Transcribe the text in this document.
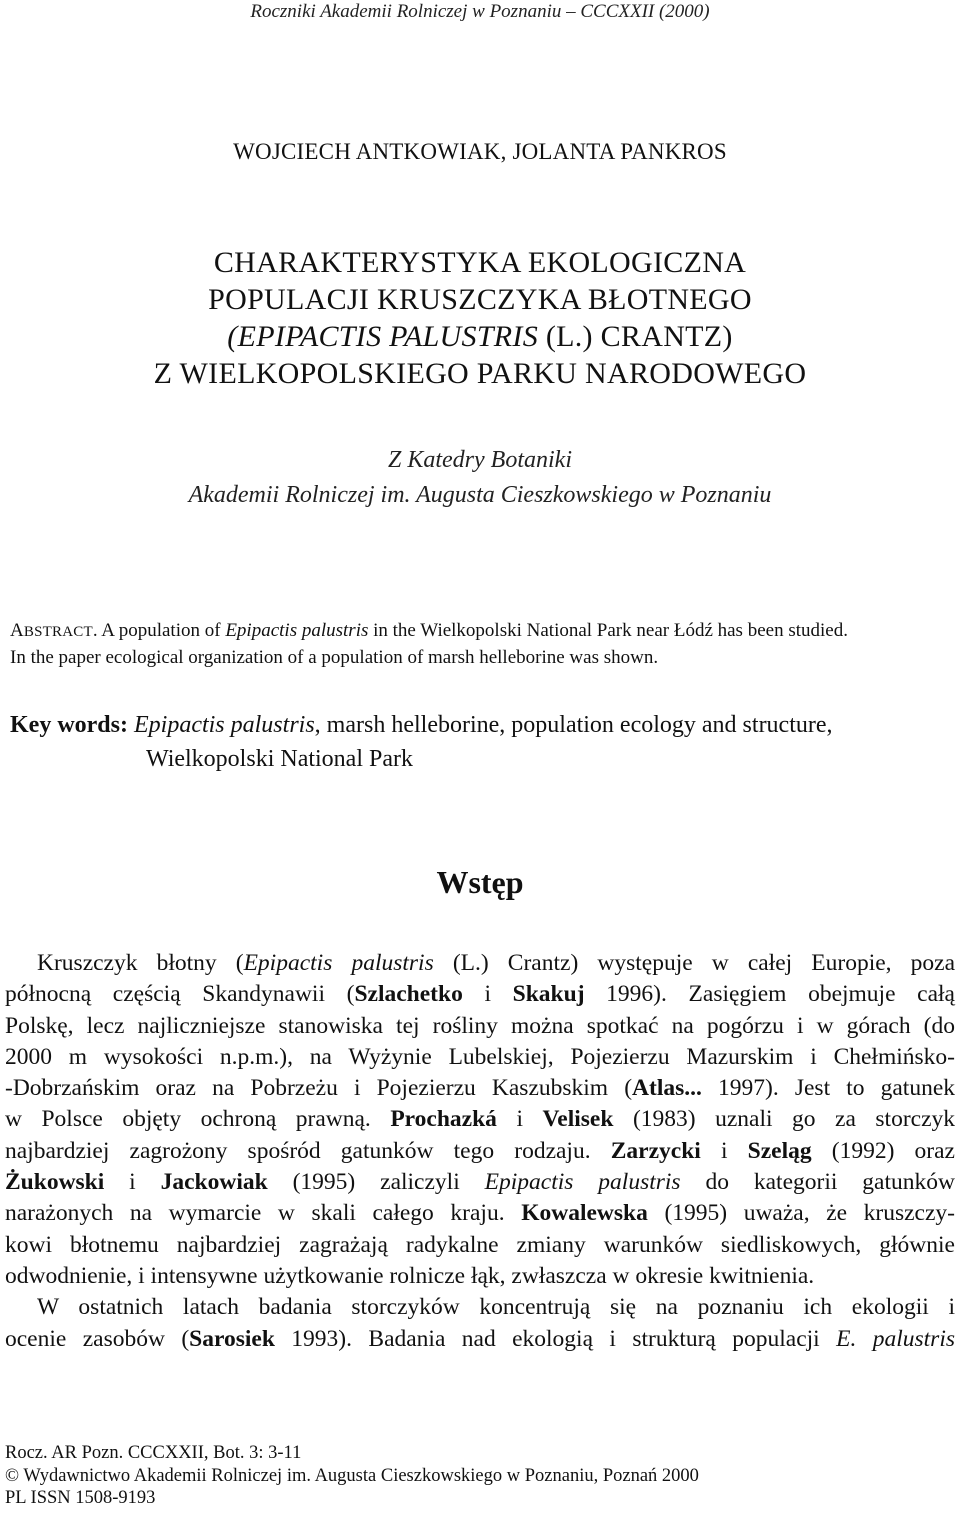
Roczniki Akademii Rolniczej w Poznaniu – CCCXXII (2000)
WOJCIECH ANTKOWIAK, JOLANTA PANKROS
CHARAKTERYSTYKA EKOLOGICZNA
POPULACJI KRUSZCZYKA BŁOTNEGO
(EPIPACTIS PALUSTRIS (L.) CRANTZ)
Z WIELKOPOLSKIEGO PARKU NARODOWEGO
Z Katedry Botaniki
Akademii Rolniczej im. Augusta Cieszkowskiego w Poznaniu
ABSTRACT. A population of Epipactis palustris in the Wielkopolski National Park near Łódź has been studied.
In the paper ecological organization of a population of marsh helleborine was shown.
Key words: Epipactis palustris, marsh helleborine, population ecology and structure,
Wielkopolski National Park
Wstęp
Kruszczyk błotny (Epipactis palustris (L.) Crantz) występuje w całej Europie, poza
północną częścią Skandynawii (Szlachetko i Skakuj 1996). Zasięgiem obejmuje całą
Polskę, lecz najliczniejsze stanowiska tej rośliny można spotkać na pogórzu i w górach (do
2000 m wysokości n.p.m.), na Wyżynie Lubelskiej, Pojezierzu Mazurskim i Chełmińsko-
-Dobrzańskim oraz na Pobrzeżu i Pojezierzu Kaszubskim (Atlas... 1997). Jest to gatunek
w Polsce objęty ochroną prawną. Prochazká i Velisek (1983) uznali go za storczyk
najbardziej zagrożony spośród gatunków tego rodzaju. Zarzycki i Szeląg (1992) oraz
Żukowski i Jackowiak (1995) zaliczyli Epipactis palustris do kategorii gatunków
narażonych na wymarcie w skali całego kraju. Kowalewska (1995) uważa, że kruszczy-
kowi błotnemu najbardziej zagrażają radykalne zmiany warunków siedliskowych, głównie
odwodnienie, i intensywne użytkowanie rolnicze łąk, zwłaszcza w okresie kwitnienia.
W ostatnich latach badania storczyków koncentrują się na poznaniu ich ekologii i
ocenie zasobów (Sarosiek 1993). Badania nad ekologią i strukturą populacji E. palustris
Rocz. AR Pozn. CCCXXII, Bot. 3: 3-11
© Wydawnictwo Akademii Rolniczej im. Augusta Cieszkowskiego w Poznaniu, Poznań 2000
PL ISSN 1508-9193
